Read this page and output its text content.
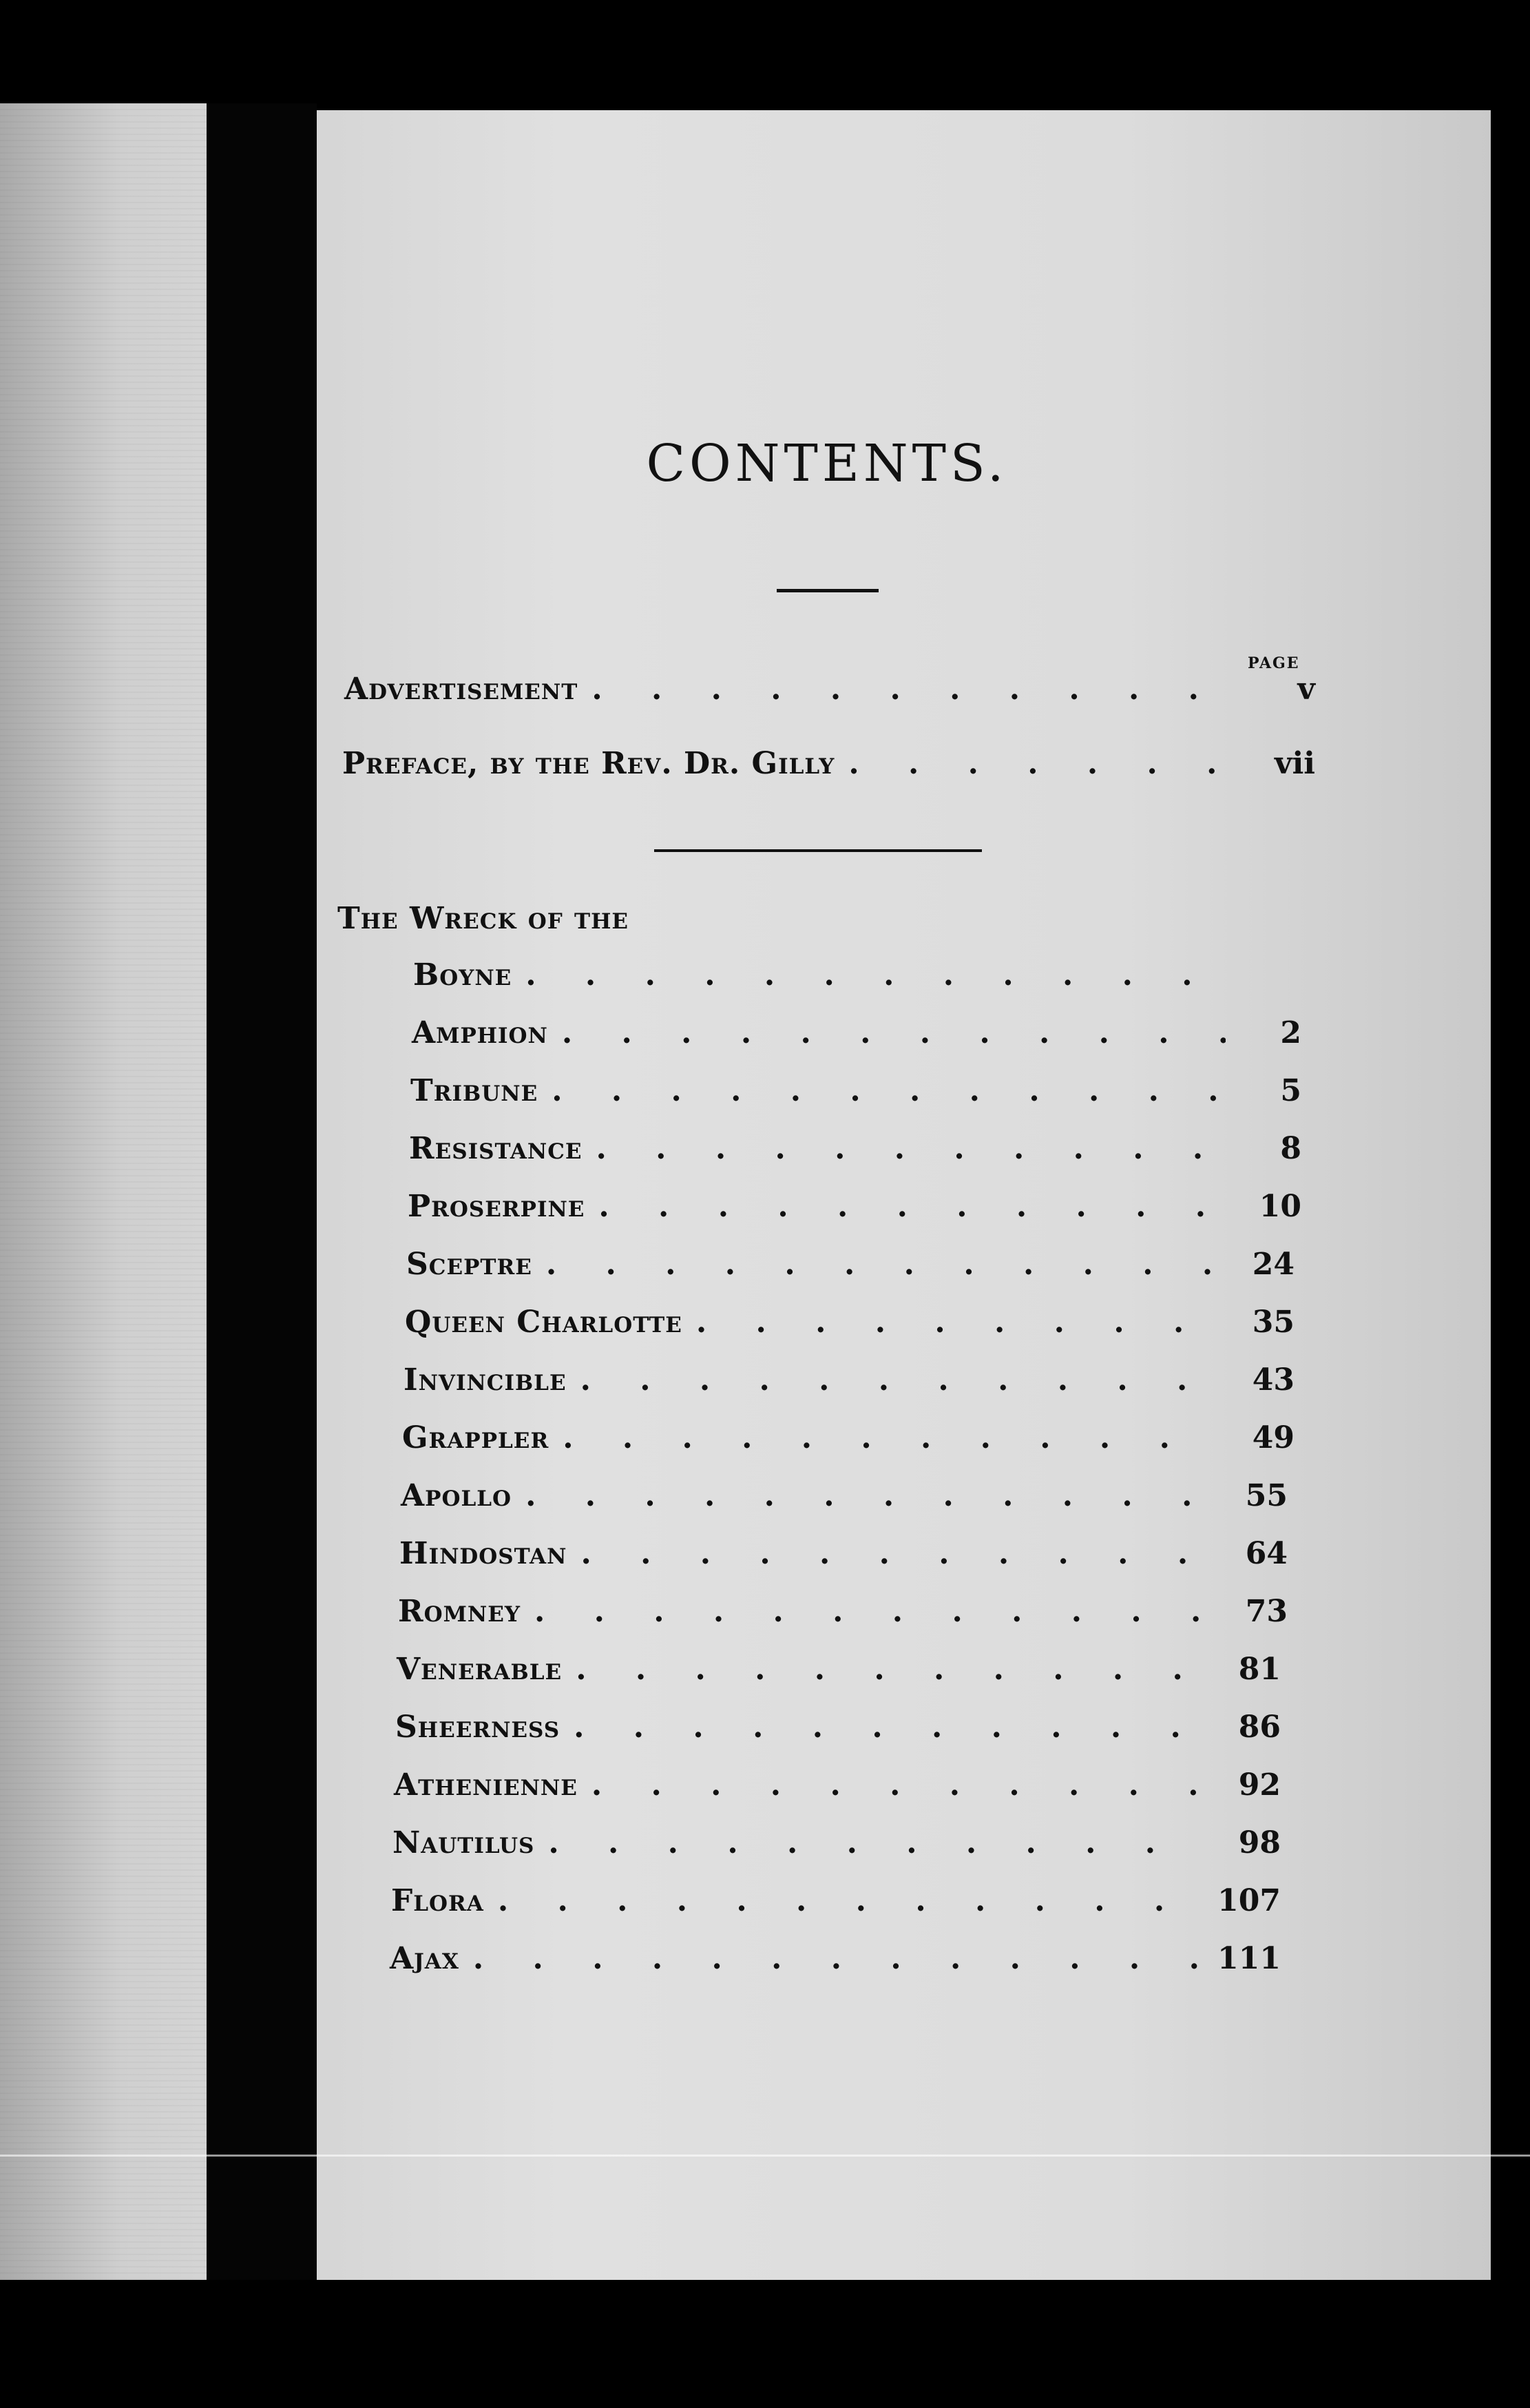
CONTENTS.
PAGE
Advertisement . . .	v
Preface, by the Rev. Dr. Gilly . . .	vii
The Wreck of the
Boyne
. . .
Amphion . . .	2
Tribune . . .	5
Resistance . . .	8
Proserpine . . .	10
Sceptre . . .	24
Queen Charlotte . . .	35
Invincible . . .	43
Grappler . . .	49
Apollo . . .	55
Hindostan . . .	64
Romney . . .	73
Venerable . . .	81
Sheerness . . .	86
Athenienne . . .	92
Nautilus . . .	98
Flora . . .	107
Ajax . . .	111
